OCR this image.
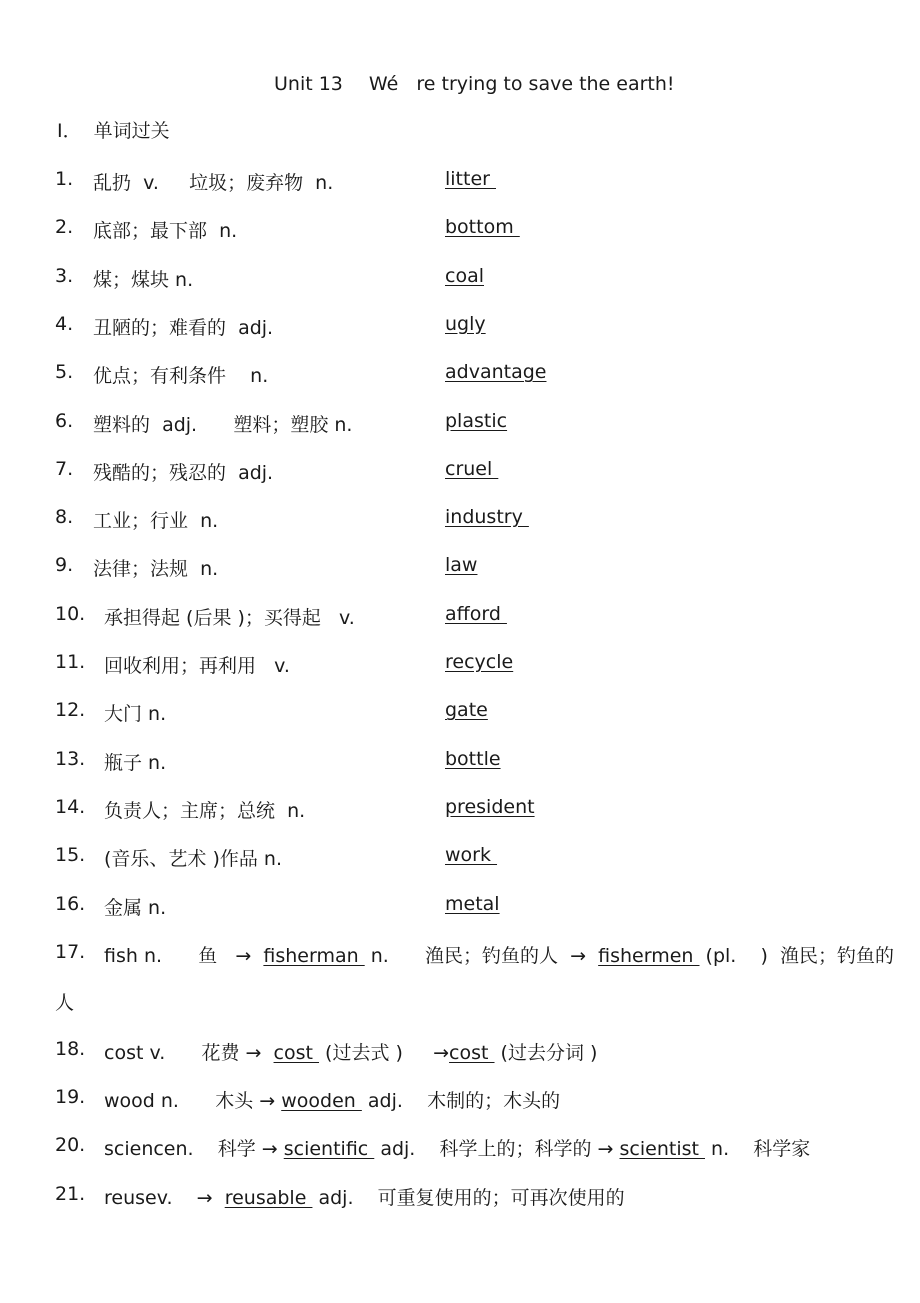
Unit 13 Wé   re trying to save the earth!
Ⅰ．  单词过关
1. 乱扔  v.     垃圾；废弃物  n.	litter
2. 底部；最下部  n.	bottom
3. 煤；煤块 n.	coal
4. 丑陋的；难看的  adj.	ugly
5. 优点；有利条件    n.	advantage
6. 塑料的  adj.      塑料；塑胶 n.	plastic
7. 残酷的；残忍的  adj.	cruel
8. 工业；行业  n.	industry
9. 法律；法规  n.	law
10. 承担得起 (后果 )；买得起   v.	afford
11. 回收利用；再利用   v.	recycle
12. 大门 n.	gate
13. 瓶子 n.	bottle
14. 负责人；主席；总统  n.	president
15. (音乐、艺术 )作品 n.	work
16. 金属 n.	metal
17. fish n.      鱼   →  fisherman  n.      渔民；钓鱼的人  →  fishermen  (pl.    )  渔民；钓鱼的
人
18. cost v.      花费 →  cost  (过去式 )     →cost  (过去分词 )
19. wood n.      木头 → wooden  adj.    木制的；木头的
20. sciencen.    科学 → scientific  adj.    科学上的；科学的 → scientist  n.    科学家
21. reusev.    →  reusable  adj.    可重复使用的；可再次使用的
